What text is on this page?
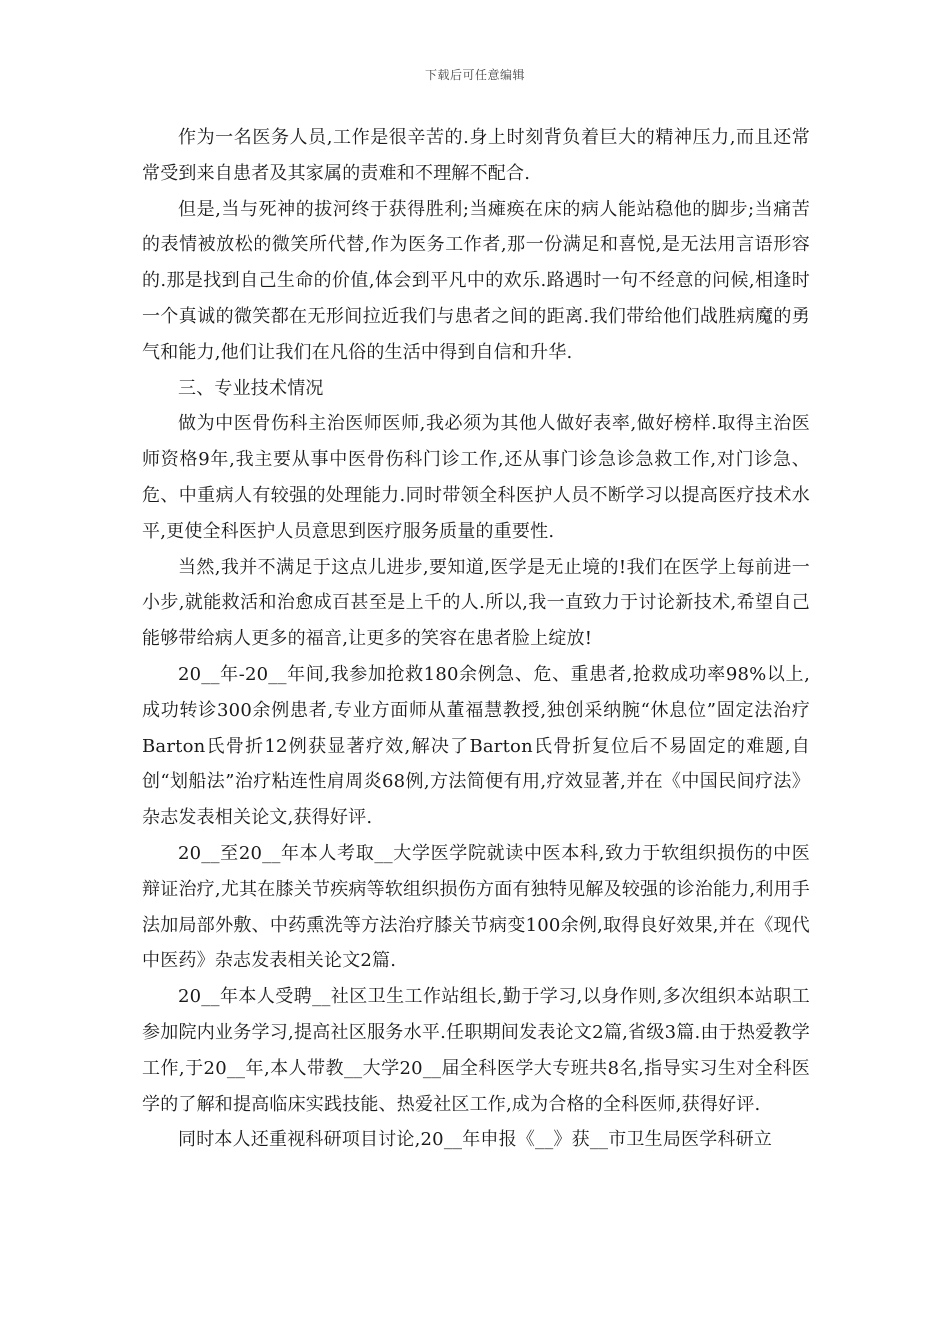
下载后可任意编辑

作为一名医务人员,工作是很辛苦的.身上时刻背负着巨大的精神压力,而且还常常受到来自患者及其家属的责难和不理解不配合.

但是,当与死神的拔河终于获得胜利;当瘫痪在床的病人能站稳他的脚步;当痛苦的表情被放松的微笑所代替,作为医务工作者,那一份满足和喜悦,是无法用言语形容的.那是找到自己生命的价值,体会到平凡中的欢乐.路遇时一句不经意的问候,相逢时一个真诚的微笑都在无形间拉近我们与患者之间的距离.我们带给他们战胜病魔的勇气和能力,他们让我们在凡俗的生活中得到自信和升华.

三、专业技术情况

做为中医骨伤科主治医师医师,我必须为其他人做好表率,做好榜样.取得主治医师资格9年,我主要从事中医骨伤科门诊工作,还从事门诊急诊急救工作,对门诊急、危、中重病人有较强的处理能力.同时带领全科医护人员不断学习以提高医疗技术水平,更使全科医护人员意思到医疗服务质量的重要性.

当然,我并不满足于这点儿进步,要知道,医学是无止境的!我们在医学上每前进一小步,就能救活和治愈成百甚至是上千的人.所以,我一直致力于讨论新技术,希望自己能够带给病人更多的福音,让更多的笑容在患者脸上绽放!

20__年-20__年间,我参加抢救180余例急、危、重患者,抢救成功率98%以上,成功转诊300余例患者,专业方面师从董福慧教授,独创采纳腕“休息位”固定法治疗Barton氏骨折12例获显著疗效,解决了Barton氏骨折复位后不易固定的难题,自创“划船法”治疗粘连性肩周炎68例,方法简便有用,疗效显著,并在《中国民间疗法》杂志发表相关论文,获得好评.

20__至20__年本人考取__大学医学院就读中医本科,致力于软组织损伤的中医辩证治疗,尤其在膝关节疾病等软组织损伤方面有独特见解及较强的诊治能力,利用手法加局部外敷、中药熏洗等方法治疗膝关节病变100余例,取得良好效果,并在《现代中医药》杂志发表相关论文2篇.

20__年本人受聘__社区卫生工作站组长,勤于学习,以身作则,多次组织本站职工参加院内业务学习,提高社区服务水平.任职期间发表论文2篇,省级3篇.由于热爱教学工作,于20__年,本人带教__大学20__届全科医学大专班共8名,指导实习生对全科医学的了解和提高临床实践技能、热爱社区工作,成为合格的全科医师,获得好评.

同时本人还重视科研项目讨论,20__年申报《__》获__市卫生局医学科研立
